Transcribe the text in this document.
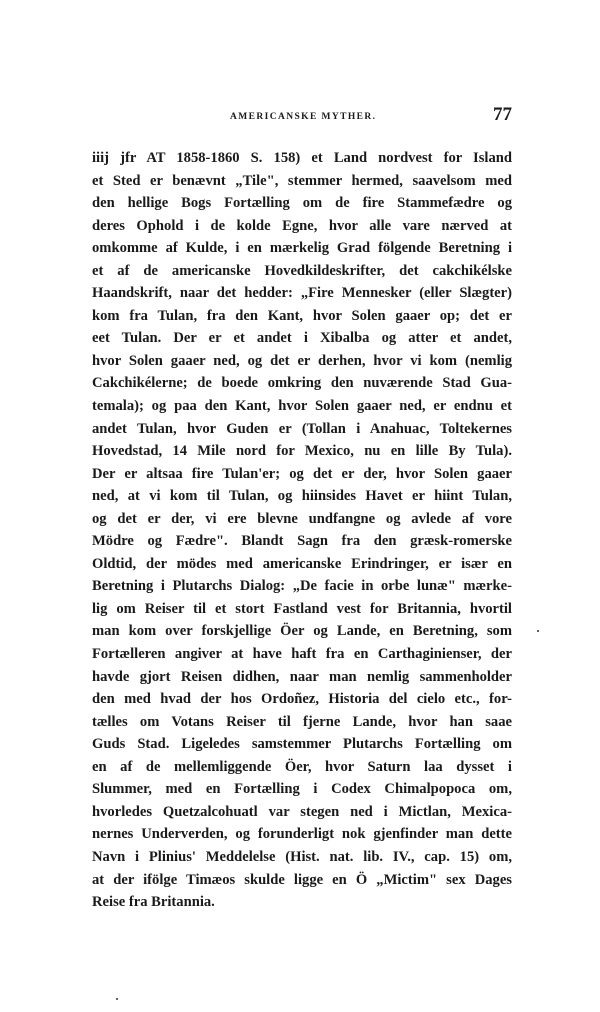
AMERICANSKE MYTHER.	77
iiij jfr AT 1858-1860 S. 158) et Land nordvest for Island
et Sted er benævnt „Tile", stemmer hermed, saavelsom med
den hellige Bogs Fortælling om de fire Stammefædre og
deres Ophold i de kolde Egne, hvor alle vare nærved at
omkomme af Kulde, i en mærkelig Grad fölgende Beretning i
et af de americanske Hovedkildeskrifter, det cakchikélske
Haandskrift, naar det hedder: „Fire Mennesker (eller Slægter)
kom fra Tulan, fra den Kant, hvor Solen gaaer op; det er
eet Tulan. Der er et andet i Xibalba og atter et andet,
hvor Solen gaaer ned, og det er derhen, hvor vi kom (nemlig
Cakchikélerne; de boede omkring den nuværende Stad Gua-
temala); og paa den Kant, hvor Solen gaaer ned, er endnu et
andet Tulan, hvor Guden er (Tollan i Anahuac, Toltekernes
Hovedstad, 14 Mile nord for Mexico, nu en lille By Tula).
Der er altsaa fire Tulan'er; og det er der, hvor Solen gaaer
ned, at vi kom til Tulan, og hiinsides Havet er hiint Tulan,
og det er der, vi ere blevne undfangne og avlede af vore
Mödre og Fædre". Blandt Sagn fra den græsk-romerske
Oldtid, der mödes med americanske Erindringer, er især en
Beretning i Plutarchs Dialog: „De facie in orbe lunæ" mærke-
lig om Reiser til et stort Fastland vest for Britannia, hvortil
man kom over forskjellige Öer og Lande, en Beretning, som
Fortælleren angiver at have haft fra en Carthaginienser, der
havde gjort Reisen didhen, naar man nemlig sammenholder
den med hvad der hos Ordoñez, Historia del cielo etc., for-
tælles om Votans Reiser til fjerne Lande, hvor han saae
Guds Stad. Ligeledes samstemmer Plutarchs Fortælling om
en af de mellemliggende Öer, hvor Saturn laa dysset i
Slummer, med en Fortælling i Codex Chimalpopoca om,
hvorledes Quetzalcohuatl var stegen ned i Mictlan, Mexica-
nernes Underverden, og forunderligt nok gjenfinder man dette
Navn i Plinius' Meddelelse (Hist. nat. lib. IV., cap. 15) om,
at der ifölge Timæos skulde ligge en Ö „Mictim" sex Dages
Reise fra Britannia.
